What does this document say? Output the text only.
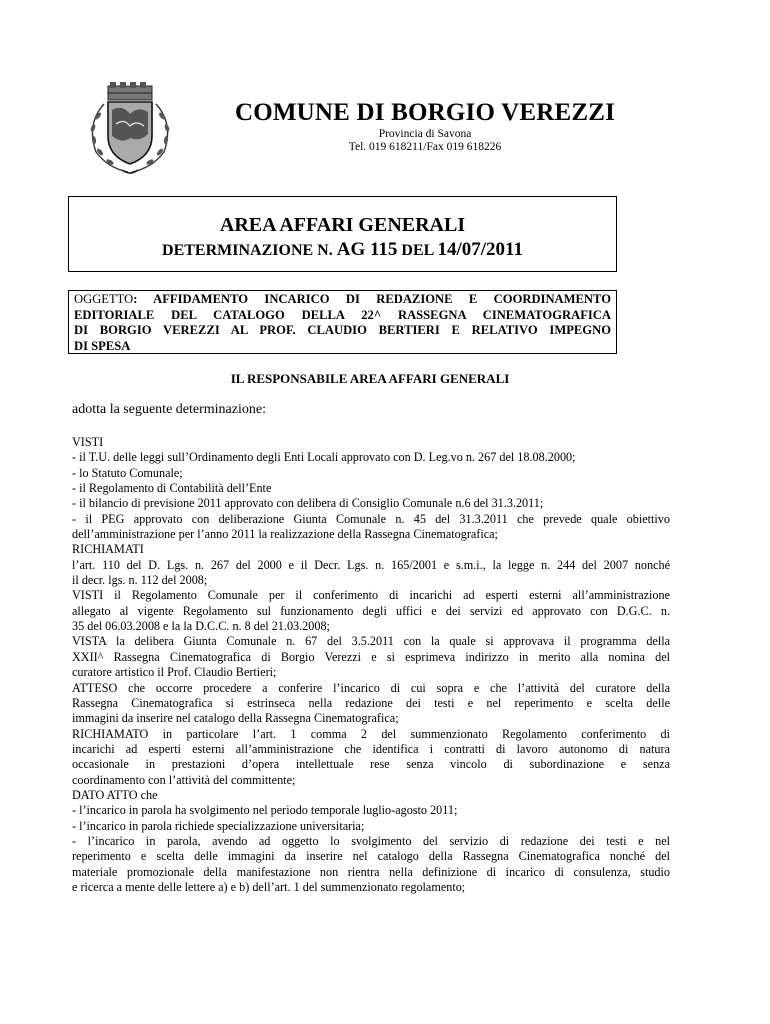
COMUNE DI BORGIO VEREZZI
Provincia di Savona
Tel. 019 618211/Fax 019 618226
AREA AFFARI GENERALI
DETERMINAZIONE N. AG 115 DEL 14/07/2011
OGGETTO: AFFIDAMENTO INCARICO DI REDAZIONE E COORDINAMENTO
EDITORIALE DEL CATALOGO DELLA 22^ RASSEGNA CINEMATOGRAFICA
DI BORGIO VEREZZI AL PROF. CLAUDIO BERTIERI E RELATIVO IMPEGNO
DI SPESA
IL RESPONSABILE AREA AFFARI GENERALI
adotta la seguente determinazione:
VISTI
- il T.U. delle leggi sull’Ordinamento degli Enti Locali approvato con D. Leg.vo n. 267 del 18.08.2000;
- lo Statuto Comunale;
- il Regolamento di Contabilità dell’Ente
- il bilancio di previsione 2011 approvato con delibera di Consiglio Comunale n.6 del 31.3.2011;
- il PEG approvato con deliberazione Giunta Comunale n. 45 del 31.3.2011 che prevede quale obiettivo
dell’amministrazione per l’anno 2011 la realizzazione della Rassegna Cinematografica;
RICHIAMATI
l’art. 110 del D. Lgs. n. 267 del 2000 e il Decr. Lgs. n. 165/2001 e s.m.i., la legge n. 244 del 2007 nonché
il decr. lgs. n. 112 del 2008;
VISTI il Regolamento Comunale per il conferimento di incarichi ad esperti esterni all’amministrazione
allegato al vigente Regolamento sul funzionamento degli uffici e dei servizi ed approvato con D.G.C. n.
35 del 06.03.2008 e la la D.C.C. n. 8 del 21.03.2008;
VISTA la delibera Giunta Comunale n. 67 del 3.5.2011 con la quale si approvava il programma della
XXII^ Rassegna Cinematografica di Borgio Verezzi e si esprimeva indirizzo in merito alla nomina del
curatore artistico il Prof. Claudio Bertieri;
ATTESO che occorre procedere a conferire l’incarico di cui sopra e che l’attività del curatore della
Rassegna Cinematografica si estrinseca nella redazione dei testi e nel reperimento e scelta delle
immagini da inserire nel catalogo della Rassegna Cinematografica;
RICHIAMATO in particolare l’art. 1 comma 2 del summenzionato Regolamento conferimento di
incarichi ad esperti esterni all’amministrazione che identifica i contratti di lavoro autonomo di natura
occasionale in prestazioni d’opera intellettuale rese senza vincolo di subordinazione e senza
coordinamento con l’attività del committente;
DATO ATTO che
- l’incarico in parola ha svolgimento nel periodo temporale luglio-agosto 2011;
- l’incarico in parola richiede specializzazione universitaria;
- l’incarico in parola, avendo ad oggetto lo svolgimento del servizio di redazione dei testi e nel
reperimento e scelta delle immagini da inserire nel catalogo della Rassegna Cinematografica nonché del
materiale promozionale della manifestazione non rientra nella definizione di incarico di consulenza, studio
e ricerca a mente delle lettere a) e b) dell’art. 1 del summenzionato regolamento;
